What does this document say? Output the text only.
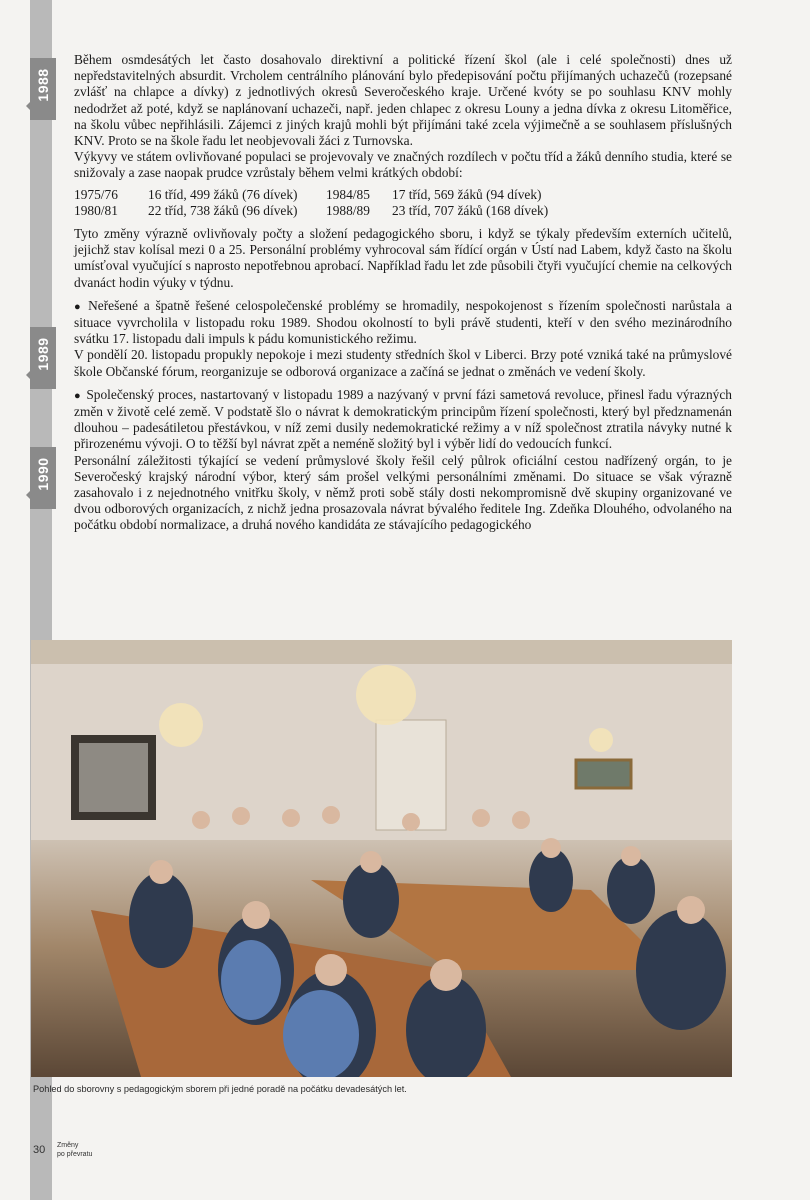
1988
1989
1990

Během osmdesátých let často dosahovalo direktivní a politické řízení škol (ale i celé společnosti) dnes už nepředstavitelných absurdit. Vrcholem centrálního plánování bylo předepisování počtu přijímaných uchazečů (rozepsané zvlášť na chlapce a dívky) z jednotlivých okresů Severočeského kraje. Určené kvóty se po souhlasu KNV mohly nedodržet až poté, když se naplánovaní uchazeči, např. jeden chlapec z okresu Louny a jedna dívka z okresu Litoměřice, na školu vůbec nepřihlásili. Zájemci z jiných krajů mohli být přijímáni také zcela výjimečně a se souhlasem příslušných KNV. Proto se na škole řadu let neobjevovali žáci z Turnovska.

Výkyvy ve státem ovlivňované populaci se projevovaly ve značných rozdílech v počtu tříd a žáků denního studia, které se snižovaly a zase naopak prudce vzrůstaly během velmi krátkých období:

1975/76	16 tříd, 499 žáků (76 dívek)	1984/85	17 tříd, 569 žáků (94 dívek)
1980/81	22 tříd, 738 žáků (96 dívek)	1988/89	23 tříd, 707 žáků (168 dívek)

Tyto změny výrazně ovlivňovaly počty a složení pedagogického sboru, i když se týkaly především externích učitelů, jejichž stav kolísal mezi 0 a 25. Personální problémy vyhrocoval sám řídící orgán v Ústí nad Labem, když často na školu umísťoval vyučující s naprosto nepotřebnou aprobací. Například řadu let zde působili čtyři vyučující chemie na celkových dvanáct hodin výuky v týdnu.

● Neřešené a špatně řešené celospolečenské problémy se hromadily, nespokojenost s řízením společnosti narůstala a situace vyvrcholila v listopadu roku 1989. Shodou okolností to byli právě studenti, kteří v den svého mezinárodního svátku 17. listopadu dali impuls k pádu komunistického režimu.

V pondělí 20. listopadu propukly nepokoje i mezi studenty středních škol v Liberci. Brzy poté vzniká také na průmyslové škole Občanské fórum, reorganizuje se odborová organizace a začíná se jednat o změnách ve vedení školy.

● Společenský proces, nastartovaný v listopadu 1989 a nazývaný v první fázi sametová revoluce, přinesl řadu výrazných změn v životě celé země. V podstatě šlo o návrat k demokratickým principům řízení společnosti, který byl předznamenán dlouhou – padesátiletou přestávkou, v níž zemi dusily nedemokratické režimy a v níž společnost ztratila návyky nutné k přirozenému vývoji. O to těžší byl návrat zpět a neméně složitý byl i výběr lidí do vedoucích funkcí.

Personální záležitosti týkající se vedení průmyslové školy řešil celý půlrok oficiální cestou nadřízený orgán, to je Severočeský krajský národní výbor, který sám prošel velkými personálními změnami. Do situace se však výrazně zasahovalo i z nejednotného vnitřku školy, v němž proti sobě stály dosti nekompromisně dvě skupiny organizované ve dvou odborových organizacích, z nichž jedna prosazovala návrat bývalého ředitele Ing. Zdeňka Dlouhého, odvolaného na počátku období normalizace, a druhá nového kandidáta ze stávajícího pedagogického

Pohled do sborovny s pedagogickým sborem při jedné poradě na počátku devadesátých let.
30	Změny
po převratu
